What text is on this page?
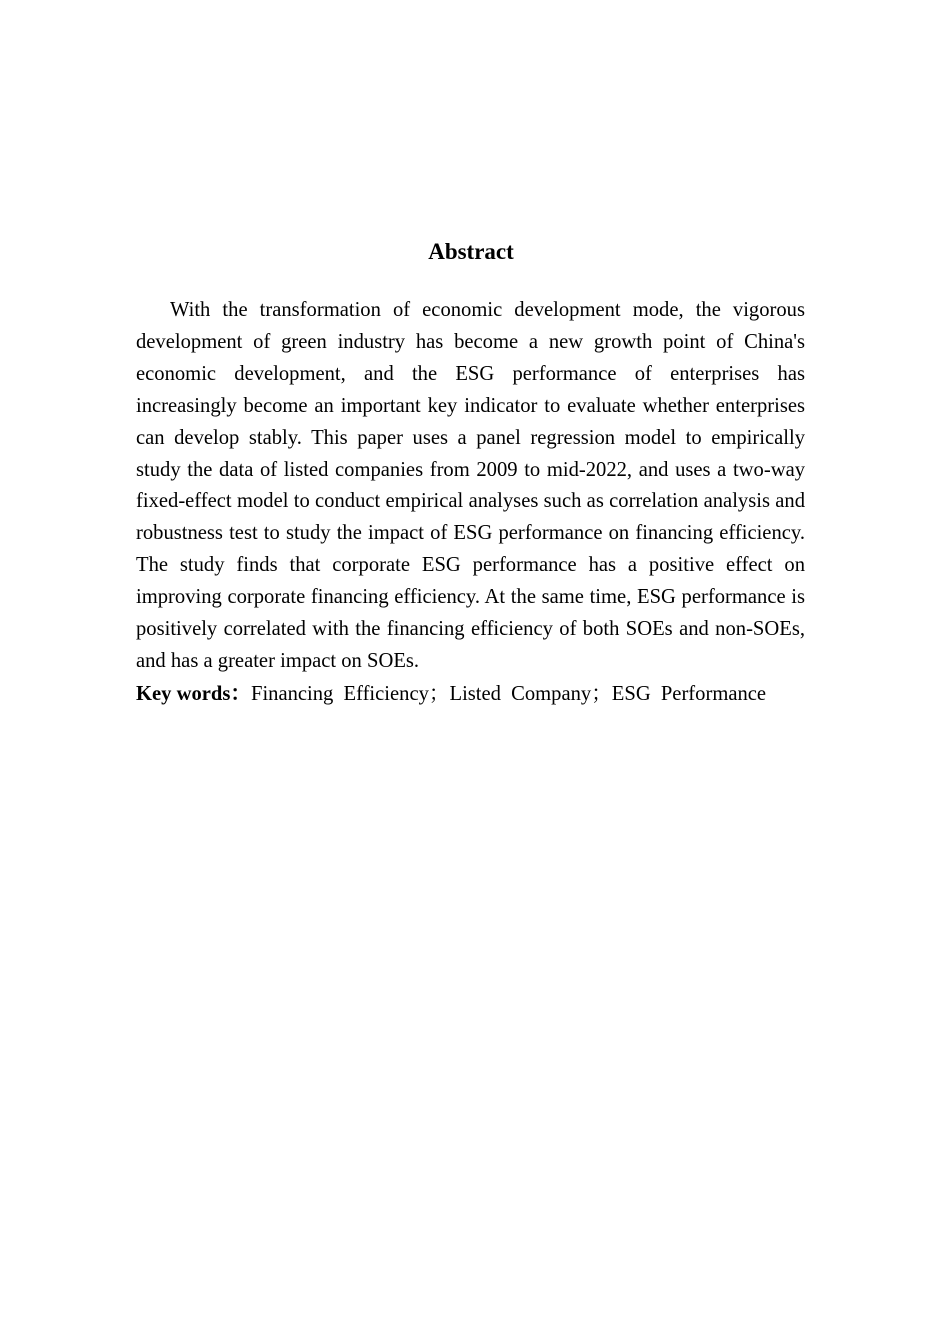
Abstract

With the transformation of economic development mode, the vigorous development of green industry has become a new growth point of China's economic development, and the ESG performance of enterprises has increasingly become an important key indicator to evaluate whether enterprises can develop stably. This paper uses a panel regression model to empirically study the data of listed companies from 2009 to mid-2022, and uses a two-way fixed-effect model to conduct empirical analyses such as correlation analysis and robustness test to study the impact of ESG performance on financing efficiency. The study finds that corporate ESG performance has a positive effect on improving corporate financing efficiency. At the same time, ESG performance is positively correlated with the financing efficiency of both SOEs and non-SOEs, and has a greater impact on SOEs.

Key words：Financing Efficiency；Listed Company；ESG Performance
